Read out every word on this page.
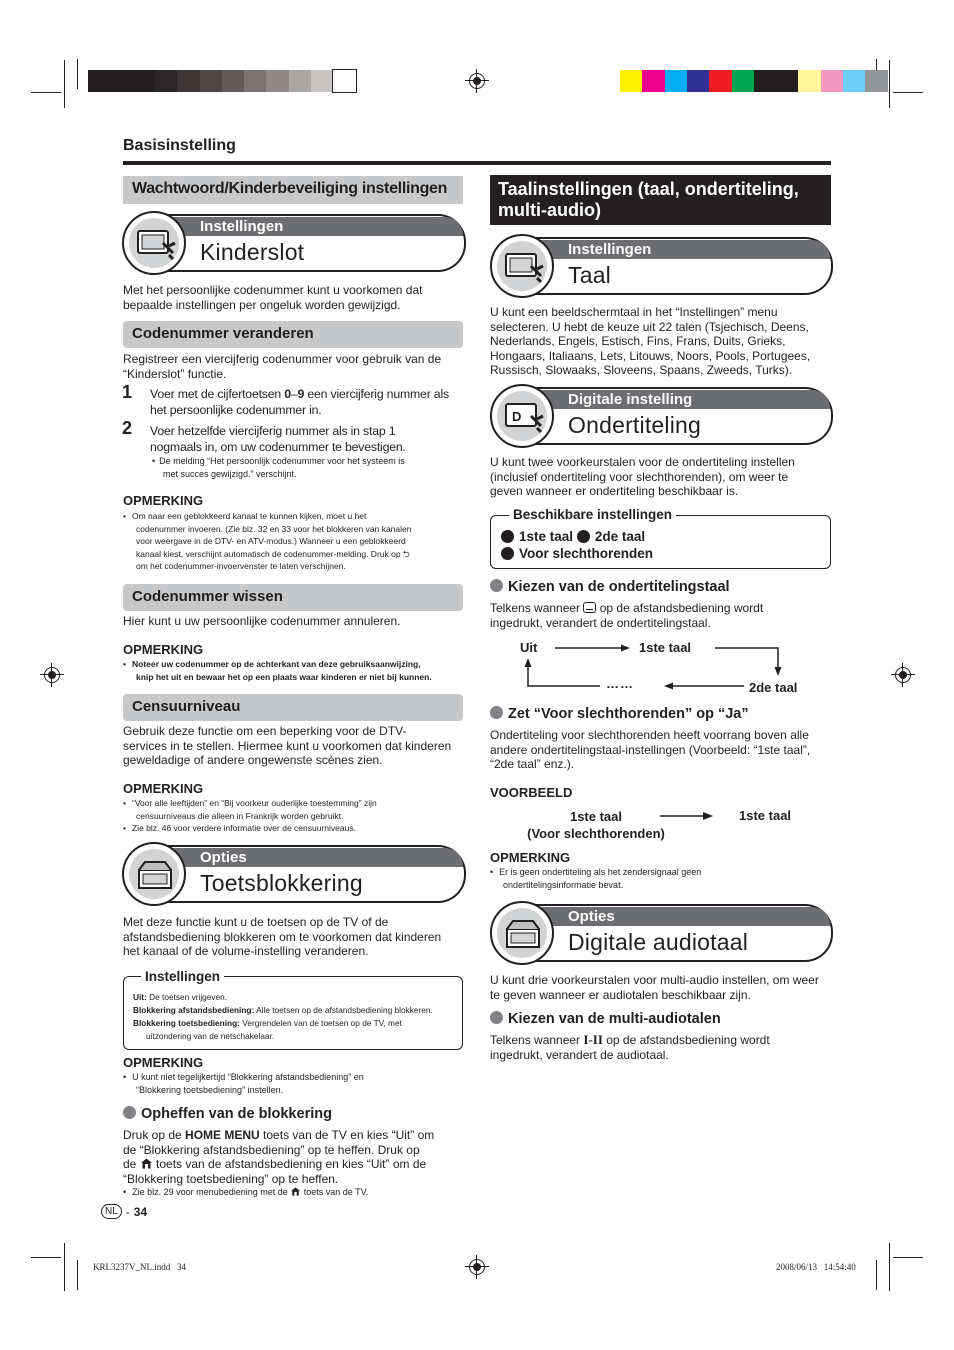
Basisinstelling
Wachtwoord/Kinderbeveiliging instellingen
Instellingen
Kinderslot
Met het persoonlijke codenummer kunt u voorkomen dat
bepaalde instellingen per ongeluk worden gewijzigd.
Codenummer veranderen
Registreer een viercijferig codenummer voor gebruik van de
“Kinderslot” functie.
1 Voer met de cijfertoetsen 0–9 een viercijferig nummer als
het persoonlijke codenummer in.
2 Voer hetzelfde viercijferig nummer als in stap 1
nogmaals in, om uw codenummer te bevestigen.
• De melding “Het persoonlijk codenummer voor het systeem is
met succes gewijzigd.” verschijnt.
OPMERKING
• Om naar een geblokkeerd kanaal te kunnen kijken, moet u het
codenummer invoeren. (Zie blz. 32 en 33 voor het blokkeren van kanalen
voor weergave in de DTV- en ATV-modus.) Wanneer u een geblokkeerd
kanaal kiest, verschijnt automatisch de codenummer-melding. Druk op ⮌
om het codenummer-invoervenster te laten verschijnen.
Codenummer wissen
Hier kunt u uw persoonlijke codenummer annuleren.
OPMERKING
• Noteer uw codenummer op de achterkant van deze gebruiksaanwijzing,
knip het uit en bewaar het op een plaats waar kinderen er niet bij kunnen.
Censuurniveau
Gebruik deze functie om een beperking voor de DTV-
services in te stellen. Hiermee kunt u voorkomen dat kinderen
geweldadige of andere ongewenste scènes zien.
OPMERKING
• “Voor alle leeftijden” en “Bij voorkeur ouderlijke toestemming” zijn
censuurniveaus die alleen in Frankrijk worden gebruikt.
• Zie blz. 46 voor verdere informatie over de censuurniveaus.
Opties
Toetsblokkering
Met deze functie kunt u de toetsen op de TV of de
afstandsbediening blokkeren om te voorkomen dat kinderen
het kanaal of de volume-instelling veranderen.
Instellingen
Uit: De toetsen vrijgeven.
Blokkering afstandsbediening: Alle toetsen op de afstandsbediening blokkeren.
Blokkering toetsbediening: Vergrendelen van de toetsen op de TV, met
uitzondering van de netschakelaar.
OPMERKING
• U kunt niet tegelijkertijd “Blokkering afstandsbediening” en
“Blokkering toetsbediening” instellen.
Opheffen van de blokkering
Druk op de HOME MENU toets van de TV en kies “Uit” om
de “Blokkering afstandsbediening” op te heffen. Druk op
de  toets van de afstandsbediening en kies “Uit” om de
“Blokkering toetsbediening” op te heffen.
• Zie blz. 29 voor menubediening met de  toets van de TV.
Taalinstellingen (taal, ondertiteling, multi-audio)
Instellingen
Taal
U kunt een beeldschermtaal in het “Instellingen” menu
selecteren. U hebt de keuze uit 22 talen (Tsjechisch, Deens,
Nederlands, Engels, Estisch, Fins, Frans, Duits, Grieks,
Hongaars, Italiaans, Lets, Litouws, Noors, Pools, Portugees,
Russisch, Slowaaks, Sloveens, Spaans, Zweeds, Turks).
Digitale instelling
Ondertiteling
D
U kunt twee voorkeurstalen voor de ondertiteling instellen
(inclusief ondertiteling voor slechthorenden), om weer te
geven wanneer er ondertiteling beschikbaar is.
Beschikbare instellingen
1ste taal 2de taal
Voor slechthorenden
Kiezen van de ondertitelingstaal
Telkens wanneer
op de afstandsbediening wordt
ingedrukt, verandert de ondertitelingstaal.
Uit	1ste taal
2de taal
……
Zet “Voor slechthorenden” op “Ja”
Ondertiteling voor slechthorenden heeft voorrang boven alle
andere ondertitelingstaal-instellingen (Voorbeeld: “1ste taal”,
“2de taal” enz.).
VOORBEELD
1ste taal
(Voor slechthorenden)
1ste taal
OPMERKING
• Er is geen ondertiteling als het zendersignaal geen
ondertitelingsinformatie bevat.
Opties
Digitale audiotaal
U kunt drie voorkeurstalen voor multi-audio instellen, om weer
te geven wanneer er audiotalen beschikbaar zijn.
Kiezen van de multi-audiotalen
Telkens wanneer I-II op de afstandsbediening wordt
ingedrukt, verandert de audiotaal.
NL - 34
KRL3237V_NL.indd   34	2008/06/13   14:54:40
